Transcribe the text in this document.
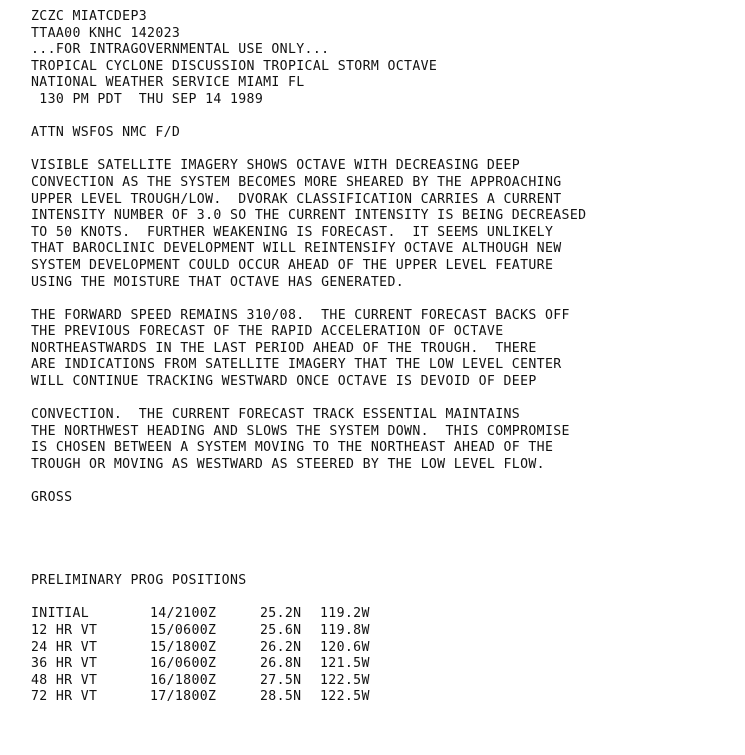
ZCZC MIATCDEP3
TTAA00 KNHC 142023
...FOR INTRAGOVERNMENTAL USE ONLY...
TROPICAL CYCLONE DISCUSSION TROPICAL STORM OCTAVE
NATIONAL WEATHER SERVICE MIAMI FL
130 PM PDT  THU SEP 14 1989
ATTN WSFOS NMC F/D
VISIBLE SATELLITE IMAGERY SHOWS OCTAVE WITH DECREASING DEEP
CONVECTION AS THE SYSTEM BECOMES MORE SHEARED BY THE APPROACHING
UPPER LEVEL TROUGH/LOW.  DVORAK CLASSIFICATION CARRIES A CURRENT
INTENSITY NUMBER OF 3.0 SO THE CURRENT INTENSITY IS BEING DECREASED
TO 50 KNOTS.  FURTHER WEAKENING IS FORECAST.  IT SEEMS UNLIKELY
THAT BAROCLINIC DEVELOPMENT WILL REINTENSIFY OCTAVE ALTHOUGH NEW
SYSTEM DEVELOPMENT COULD OCCUR AHEAD OF THE UPPER LEVEL FEATURE
USING THE MOISTURE THAT OCTAVE HAS GENERATED.
THE FORWARD SPEED REMAINS 310/08.  THE CURRENT FORECAST BACKS OFF
THE PREVIOUS FORECAST OF THE RAPID ACCELERATION OF OCTAVE
NORTHEASTWARDS IN THE LAST PERIOD AHEAD OF THE TROUGH.  THERE
ARE INDICATIONS FROM SATELLITE IMAGERY THAT THE LOW LEVEL CENTER
WILL CONTINUE TRACKING WESTWARD ONCE OCTAVE IS DEVOID OF DEEP
CONVECTION.  THE CURRENT FORECAST TRACK ESSENTIAL MAINTAINS
THE NORTHWEST HEADING AND SLOWS THE SYSTEM DOWN.  THIS COMPROMISE
IS CHOSEN BETWEEN A SYSTEM MOVING TO THE NORTHEAST AHEAD OF THE
TROUGH OR MOVING AS WESTWARD AS STEERED BY THE LOW LEVEL FLOW.
GROSS
PRELIMINARY PROG POSITIONS
INITIAL	14/2100Z	25.2N	119.2W
12 HR VT	15/0600Z	25.6N	119.8W
24 HR VT	15/1800Z	26.2N	120.6W
36 HR VT	16/0600Z	26.8N	121.5W
48 HR VT	16/1800Z	27.5N	122.5W
72 HR VT	17/1800Z	28.5N	122.5W
